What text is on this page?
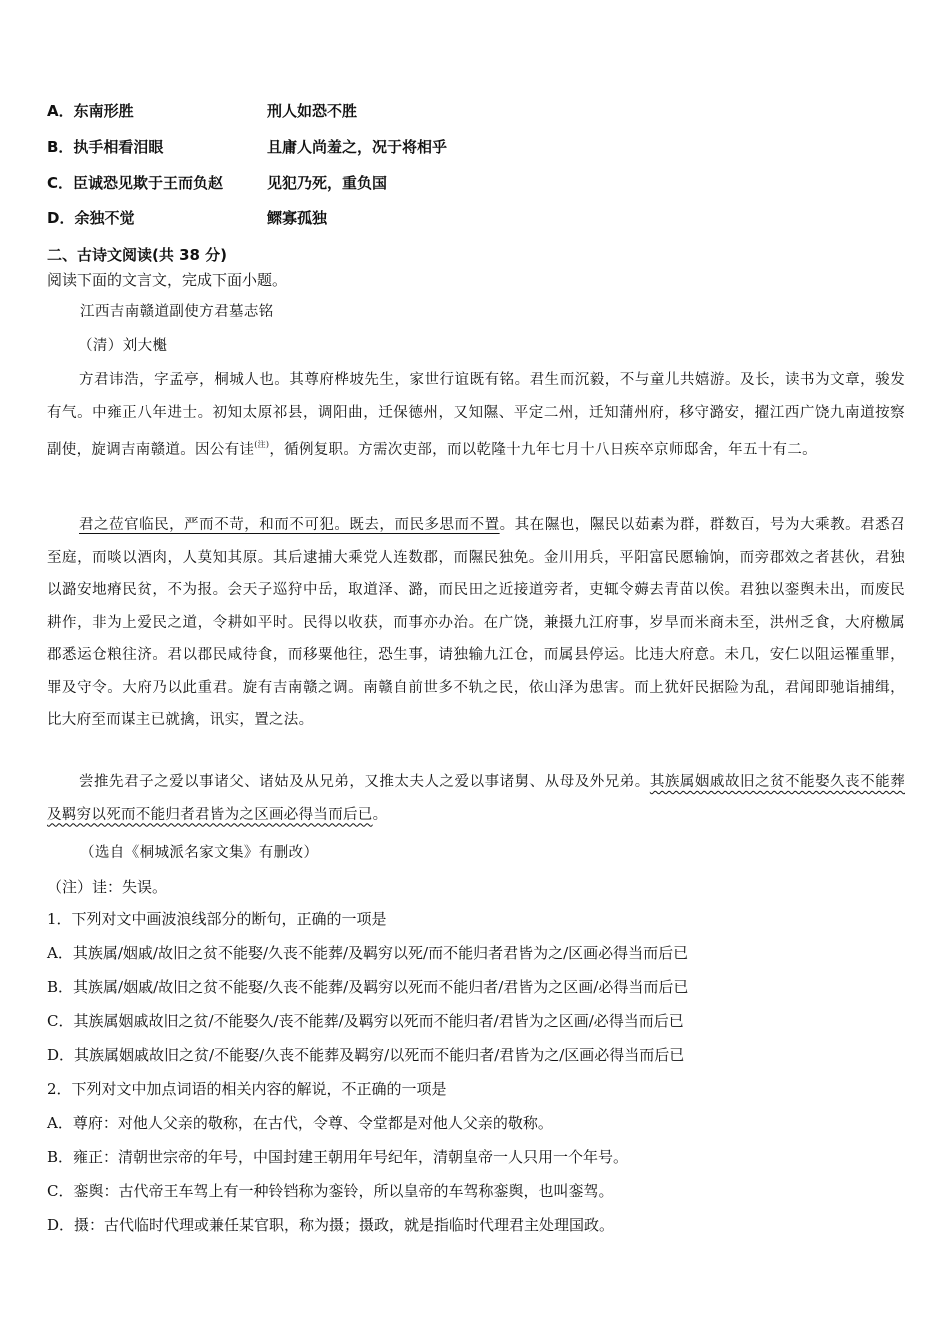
A．东南形胜	刑人如恐不胜
B．执手相看泪眼	且庸人尚羞之，况于将相乎
C．臣诚恐见欺于王而负赵	见犯乃死，重负国
D．余独不觉	鳏寡孤独
二、古诗文阅读(共 38 分)
阅读下面的文言文，完成下面小题。
江西吉南赣道副使方君墓志铭
（清）刘大櫆
方君讳浩，字孟亭，桐城人也。其尊府桦坡先生，家世行谊既有铭。君生而沉毅，不与童儿共嬉游。及长，读书为文章，骏发有气。中雍正八年进士。初知太原祁县，调阳曲，迁保德州，又知隰、平定二州，迁知蒲州府，移守潞安，擢江西广饶九南道按察副使，旋调吉南赣道。因公有诖$^{(注)}$，循例复职。方需次吏部，而以乾隆十九年七月十八日疾卒京师邸舍，年五十有二。
君之莅官临民，严而不苛，和而不可犯。既去，而民多思而不置。其在隰也，隰民以茹素为群，群数百，号为大乘教。君悉召至庭，而啖以酒肉，人莫知其原。其后逮捕大乘党人连数郡，而隰民独免。金川用兵，平阳富民愿输饷，而旁郡效之者甚伙，君独以潞安地瘠民贫，不为报。会天子巡狩中岳，取道泽、潞，而民田之近接道旁者，吏辄令薅去青苗以俟。君独以銮舆未出，而废民耕作，非为上爱民之道，令耕如平时。民得以收获，而事亦办治。在广饶，兼摄九江府事，岁旱而米商未至，洪州乏食，大府檄属郡悉运仓粮往济。君以郡民咸待食，而移粟他往，恐生事，请独输九江仓，而属县停运。比违大府意。未几，安仁以阻运罹重罪，罪及守令。大府乃以此重君。旋有吉南赣之调。南赣自前世多不轨之民，依山泽为患害。而上犹奸民据险为乱，君闻即驰诣捕缉，比大府至而谋主已就擒，讯实，置之法。
尝推先君子之爱以事诸父、诸姑及从兄弟，又推太夫人之爱以事诸舅、从母及外兄弟。其族属姻戚故旧之贫不能娶久丧不能葬及羁穷以死而不能归者君皆为之区画必得当而后已。
（选自《桐城派名家文集》有删改）
（注）诖：失误。
1．下列对文中画波浪线部分的断句，正确的一项是
A．其族属/姻戚/故旧之贫不能娶/久丧不能葬/及羁穷以死/而不能归者君皆为之/区画必得当而后已
B．其族属/姻戚/故旧之贫不能娶/久丧不能葬/及羁穷以死而不能归者/君皆为之区画/必得当而后已
C．其族属姻戚故旧之贫/不能娶久/丧不能葬/及羁穷以死而不能归者/君皆为之区画/必得当而后已
D．其族属姻戚故旧之贫/不能娶/久丧不能葬及羁穷/以死而不能归者/君皆为之/区画必得当而后已
2．下列对文中加点词语的相关内容的解说，不正确的一项是
A．尊府：对他人父亲的敬称，在古代，令尊、令堂都是对他人父亲的敬称。
B．雍正：清朝世宗帝的年号，中国封建王朝用年号纪年，清朝皇帝一人只用一个年号。
C．銮舆：古代帝王车驾上有一种铃铛称为銮铃，所以皇帝的车驾称銮舆，也叫銮驾。
D．摄：古代临时代理或兼任某官职，称为摄；摄政，就是指临时代理君主处理国政。
